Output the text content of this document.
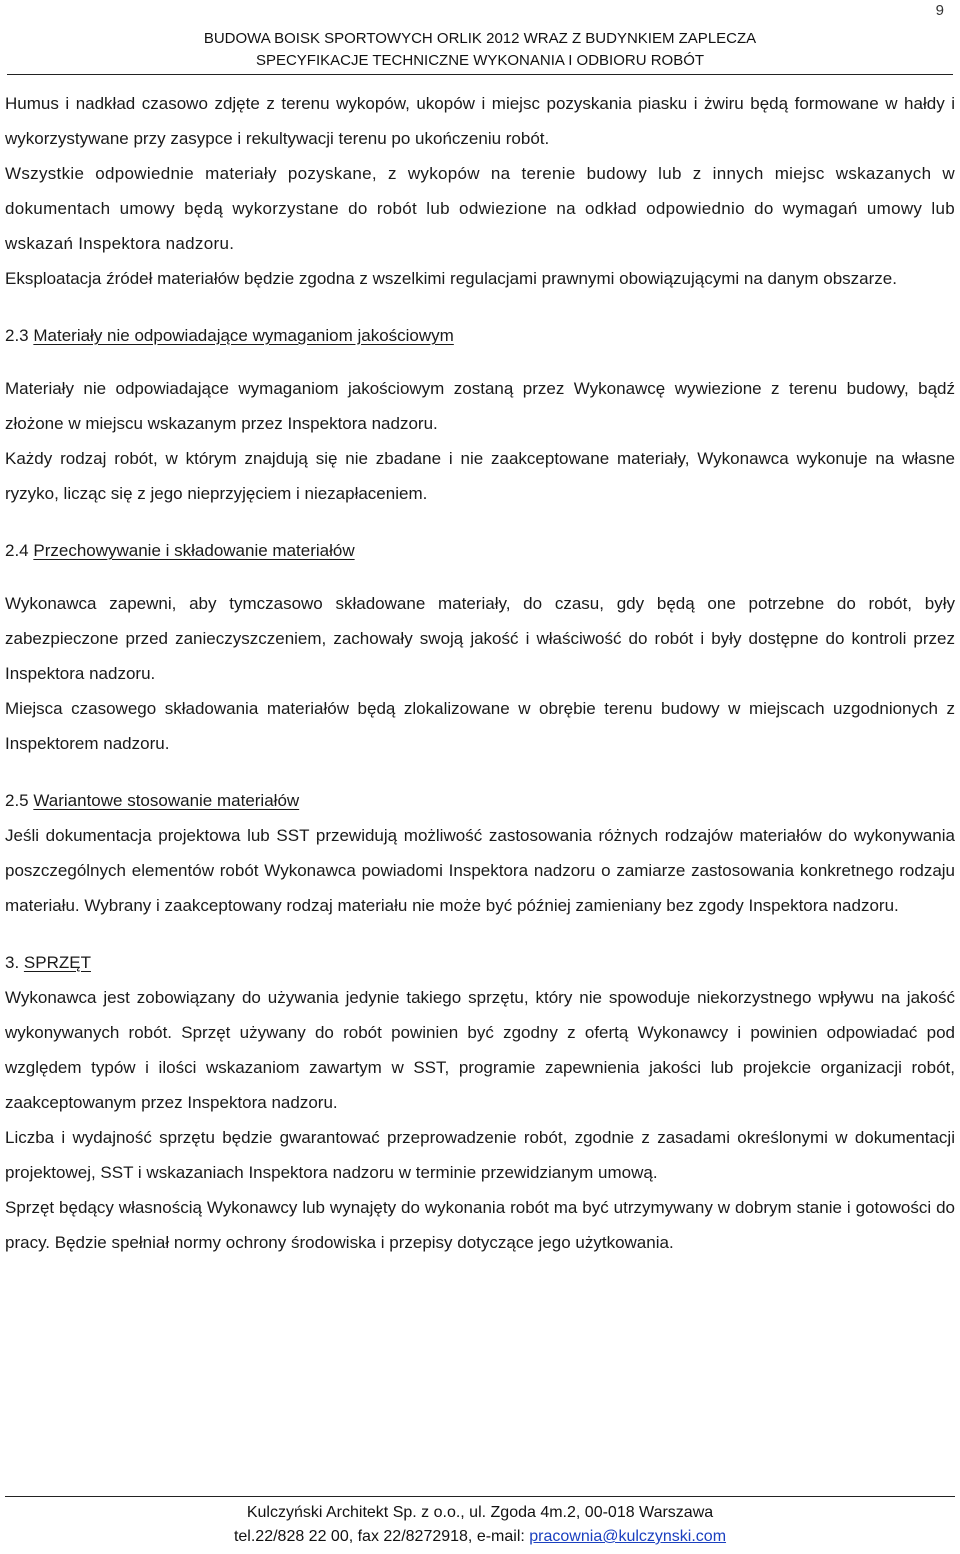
9
BUDOWA BOISK SPORTOWYCH ORLIK 2012 WRAZ Z BUDYNKIEM ZAPLECZA
SPECYFIKACJE TECHNICZNE WYKONANIA I ODBIORU ROBÓT

Humus i nadkład czasowo zdjęte z terenu wykopów, ukopów i miejsc pozyskania piasku i żwiru będą formowane w hałdy i wykorzystywane przy zasypce i rekultywacji terenu po ukończeniu robót.

Wszystkie odpowiednie materiały pozyskane, z wykopów na terenie budowy lub z innych miejsc wskazanych w dokumentach umowy będą wykorzystane do robót lub odwiezione na odkład odpowiednio do wymagań umowy lub wskazań Inspektora nadzoru.

Eksploatacja źródeł materiałów będzie zgodna z wszelkimi regulacjami prawnymi obowiązującymi na danym obszarze.

2.3 Materiały nie odpowiadające wymaganiom jakościowym

Materiały nie odpowiadające wymaganiom jakościowym zostaną przez Wykonawcę wywiezione z terenu budowy, bądź złożone w miejscu wskazanym przez Inspektora nadzoru.

Każdy rodzaj robót, w którym znajdują się nie zbadane i nie zaakceptowane materiały, Wykonawca wykonuje na własne ryzyko, licząc się z jego nieprzyjęciem i niezapłaceniem.

2.4 Przechowywanie i składowanie materiałów

Wykonawca zapewni, aby tymczasowo składowane materiały, do czasu, gdy będą one potrzebne do robót, były zabezpieczone przed zanieczyszczeniem, zachowały swoją jakość i właściwość do robót i były dostępne do kontroli przez Inspektora nadzoru.

Miejsca czasowego składowania materiałów będą zlokalizowane w obrębie terenu budowy w miejscach uzgodnionych z Inspektorem nadzoru.

2.5 Wariantowe stosowanie materiałów

Jeśli dokumentacja projektowa lub SST przewidują możliwość zastosowania różnych rodzajów materiałów do wykonywania poszczególnych elementów robót Wykonawca powiadomi Inspektora nadzoru o zamiarze zastosowania konkretnego rodzaju materiału. Wybrany i zaakceptowany rodzaj materiału nie może być później zamieniany bez zgody Inspektora nadzoru.

3. SPRZĘT

Wykonawca jest zobowiązany do używania jedynie takiego sprzętu, który nie spowoduje niekorzystnego wpływu na jakość wykonywanych robót. Sprzęt używany do robót powinien być zgodny z ofertą Wykonawcy i powinien odpowiadać pod względem typów i ilości wskazaniom zawartym w SST, programie zapewnienia jakości lub projekcie organizacji robót, zaakceptowanym przez Inspektora nadzoru.

Liczba i wydajność sprzętu będzie gwarantować przeprowadzenie robót, zgodnie z zasadami określonymi w dokumentacji projektowej, SST i wskazaniach Inspektora nadzoru w terminie przewidzianym umową.

Sprzęt będący własnością Wykonawcy lub wynajęty do wykonania robót ma być utrzymywany w dobrym stanie i gotowości do pracy. Będzie spełniał normy ochrony środowiska i przepisy dotyczące jego użytkowania.

Kulczyński Architekt Sp. z o.o., ul. Zgoda 4m.2, 00-018 Warszawa
tel.22/828 22 00, fax 22/8272918, e-mail: pracownia@kulczynski.com
